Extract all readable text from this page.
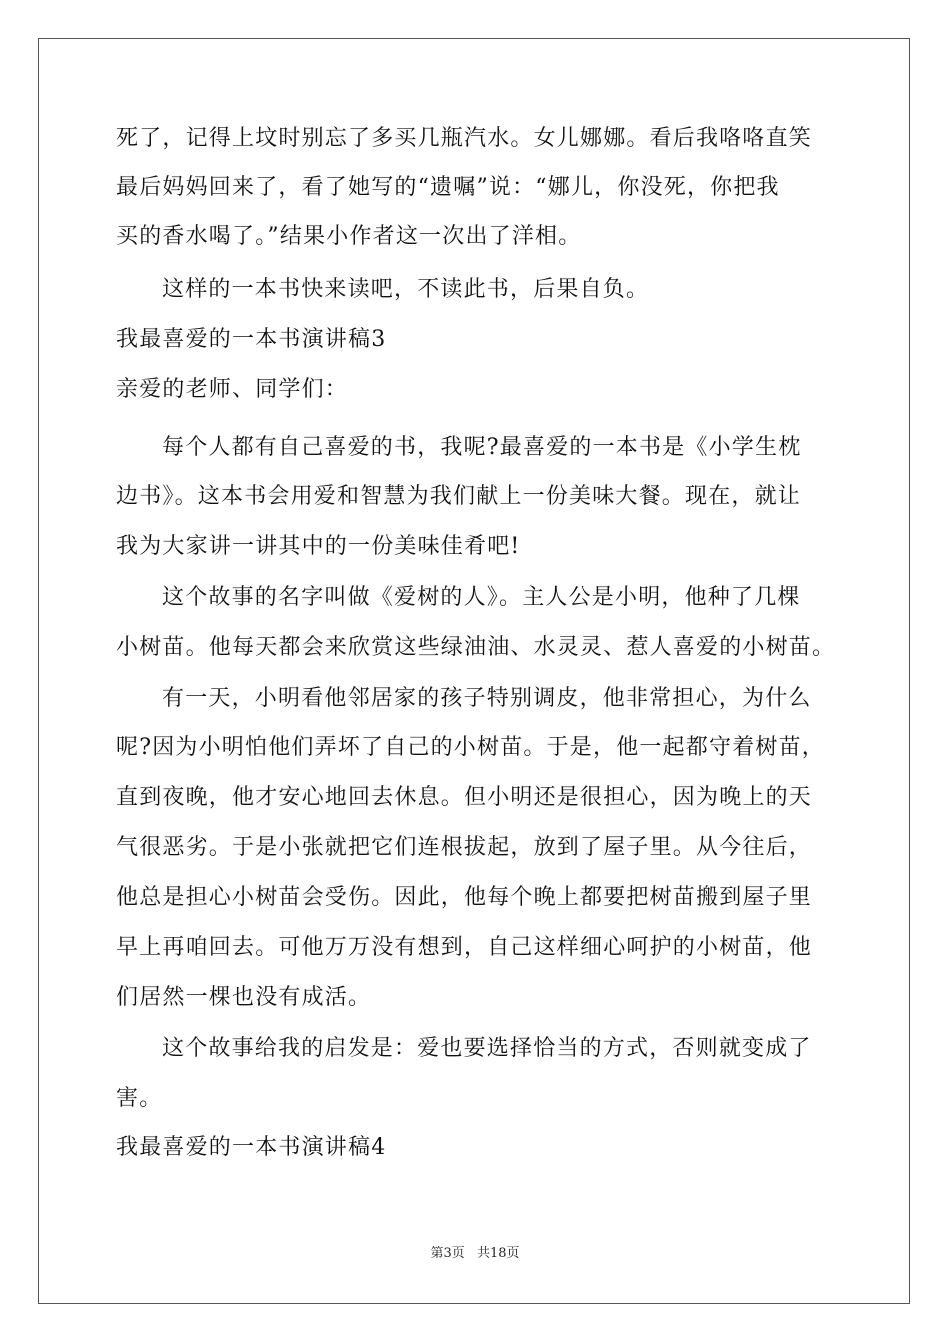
死了，记得上坟时别忘了多买几瓶汽水。女儿娜娜。看后我咯咯直笑
最后妈妈回来了，看了她写的“遗嘱”说：“娜儿，你没死，你把我
买的香水喝了。”结果小作者这一次出了洋相。
这样的一本书快来读吧，不读此书，后果自负。
我最喜爱的一本书演讲稿3
亲爱的老师、同学们：
每个人都有自己喜爱的书，我呢?最喜爱的一本书是《小学生枕
边书》。这本书会用爱和智慧为我们献上一份美味大餐。现在，就让
我为大家讲一讲其中的一份美味佳肴吧!
这个故事的名字叫做《爱树的人》。主人公是小明，他种了几棵
小树苗。他每天都会来欣赏这些绿油油、水灵灵、惹人喜爱的小树苗。
有一天，小明看他邻居家的孩子特别调皮，他非常担心，为什么
呢?因为小明怕他们弄坏了自己的小树苗。于是，他一起都守着树苗，
直到夜晚，他才安心地回去休息。但小明还是很担心，因为晚上的天
气很恶劣。于是小张就把它们连根拔起，放到了屋子里。从今往后，
他总是担心小树苗会受伤。因此，他每个晚上都要把树苗搬到屋子里
早上再咱回去。可他万万没有想到，自己这样细心呵护的小树苗，他
们居然一棵也没有成活。
这个故事给我的启发是：爱也要选择恰当的方式，否则就变成了
害。
我最喜爱的一本书演讲稿4
第3页 共18页
